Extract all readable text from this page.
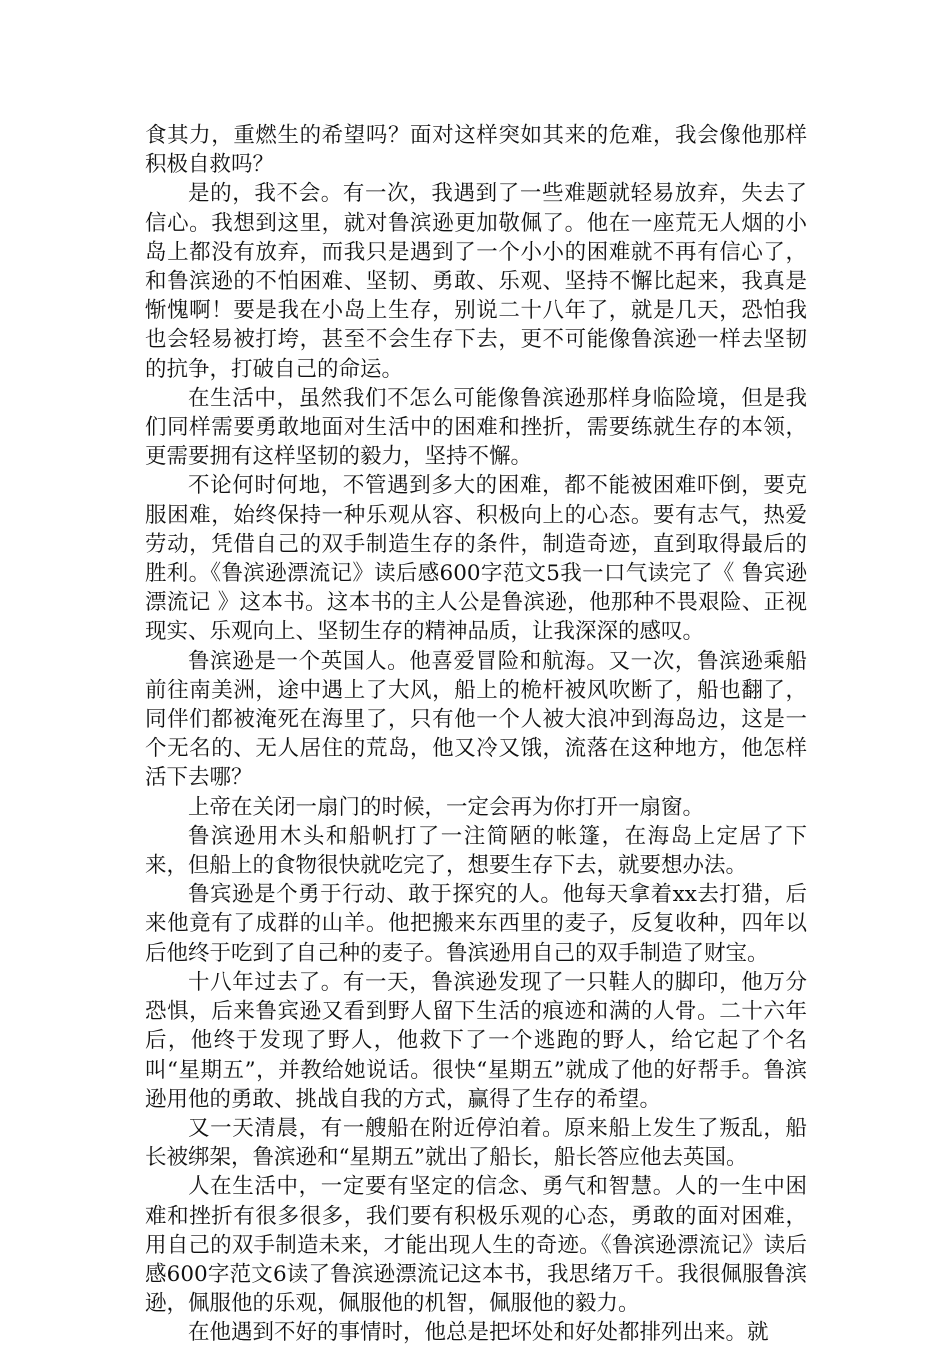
食其力，重燃生的希望吗？面对这样突如其来的危难，我会像他那样积极自救吗？

是的，我不会。有一次，我遇到了一些难题就轻易放弃，失去了信心。我想到这里，就对鲁滨逊更加敬佩了。他在一座荒无人烟的小岛上都没有放弃，而我只是遇到了一个小小的困难就不再有信心了，和鲁滨逊的不怕困难、坚韧、勇敢、乐观、坚持不懈比起来，我真是惭愧啊！要是我在小岛上生存，别说二十八年了，就是几天，恐怕我也会轻易被打垮，甚至不会生存下去，更不可能像鲁滨逊一样去坚韧的抗争，打破自己的命运。

在生活中，虽然我们不怎么可能像鲁滨逊那样身临险境，但是我们同样需要勇敢地面对生活中的困难和挫折，需要练就生存的本领，更需要拥有这样坚韧的毅力，坚持不懈。

不论何时何地，不管遇到多大的困难，都不能被困难吓倒，要克服困难，始终保持一种乐观从容、积极向上的心态。要有志气，热爱劳动，凭借自己的双手制造生存的条件，制造奇迹，直到取得最后的胜利。《鲁滨逊漂流记》读后感600字范文5我一口气读完了《 鲁宾逊漂流记 》这本书。这本书的主人公是鲁滨逊，他那种不畏艰险、正视现实、乐观向上、坚韧生存的精神品质，让我深深的感叹。

鲁滨逊是一个英国人。他喜爱冒险和航海。又一次，鲁滨逊乘船前往南美洲，途中遇上了大风，船上的桅杆被风吹断了，船也翻了，同伴们都被淹死在海里了，只有他一个人被大浪冲到海岛边，这是一个无名的、无人居住的荒岛，他又冷又饿，流落在这种地方，他怎样活下去哪？

上帝在关闭一扇门的时候，一定会再为你打开一扇窗。

鲁滨逊用木头和船帆打了一注简陋的帐篷，在海岛上定居了下来，但船上的食物很快就吃完了，想要生存下去，就要想办法。

鲁宾逊是个勇于行动、敢于探究的人。他每天拿着xx去打猎，后来他竟有了成群的山羊。他把搬来东西里的麦子，反复收种，四年以后他终于吃到了自己种的麦子。鲁滨逊用自己的双手制造了财宝。

十八年过去了。有一天，鲁滨逊发现了一只鞋人的脚印，他万分恐惧，后来鲁宾逊又看到野人留下生活的痕迹和满的人骨。二十六年后，他终于发现了野人，他救下了一个逃跑的野人，给它起了个名叫“星期五”，并教给她说话。很快“星期五”就成了他的好帮手。鲁滨逊用他的勇敢、挑战自我的方式，赢得了生存的希望。

又一天清晨，有一艘船在附近停泊着。原来船上发生了叛乱，船长被绑架，鲁滨逊和“星期五”就出了船长，船长答应他去英国。

人在生活中，一定要有坚定的信念、勇气和智慧。人的一生中困难和挫折有很多很多，我们要有积极乐观的心态，勇敢的面对困难，用自己的双手制造未来，才能出现人生的奇迹。《鲁滨逊漂流记》读后感600字范文6读了鲁滨逊漂流记这本书，我思绪万千。我很佩服鲁滨逊，佩服他的乐观，佩服他的机智，佩服他的毅力。

在他遇到不好的事情时，他总是把坏处和好处都排列出来。就
